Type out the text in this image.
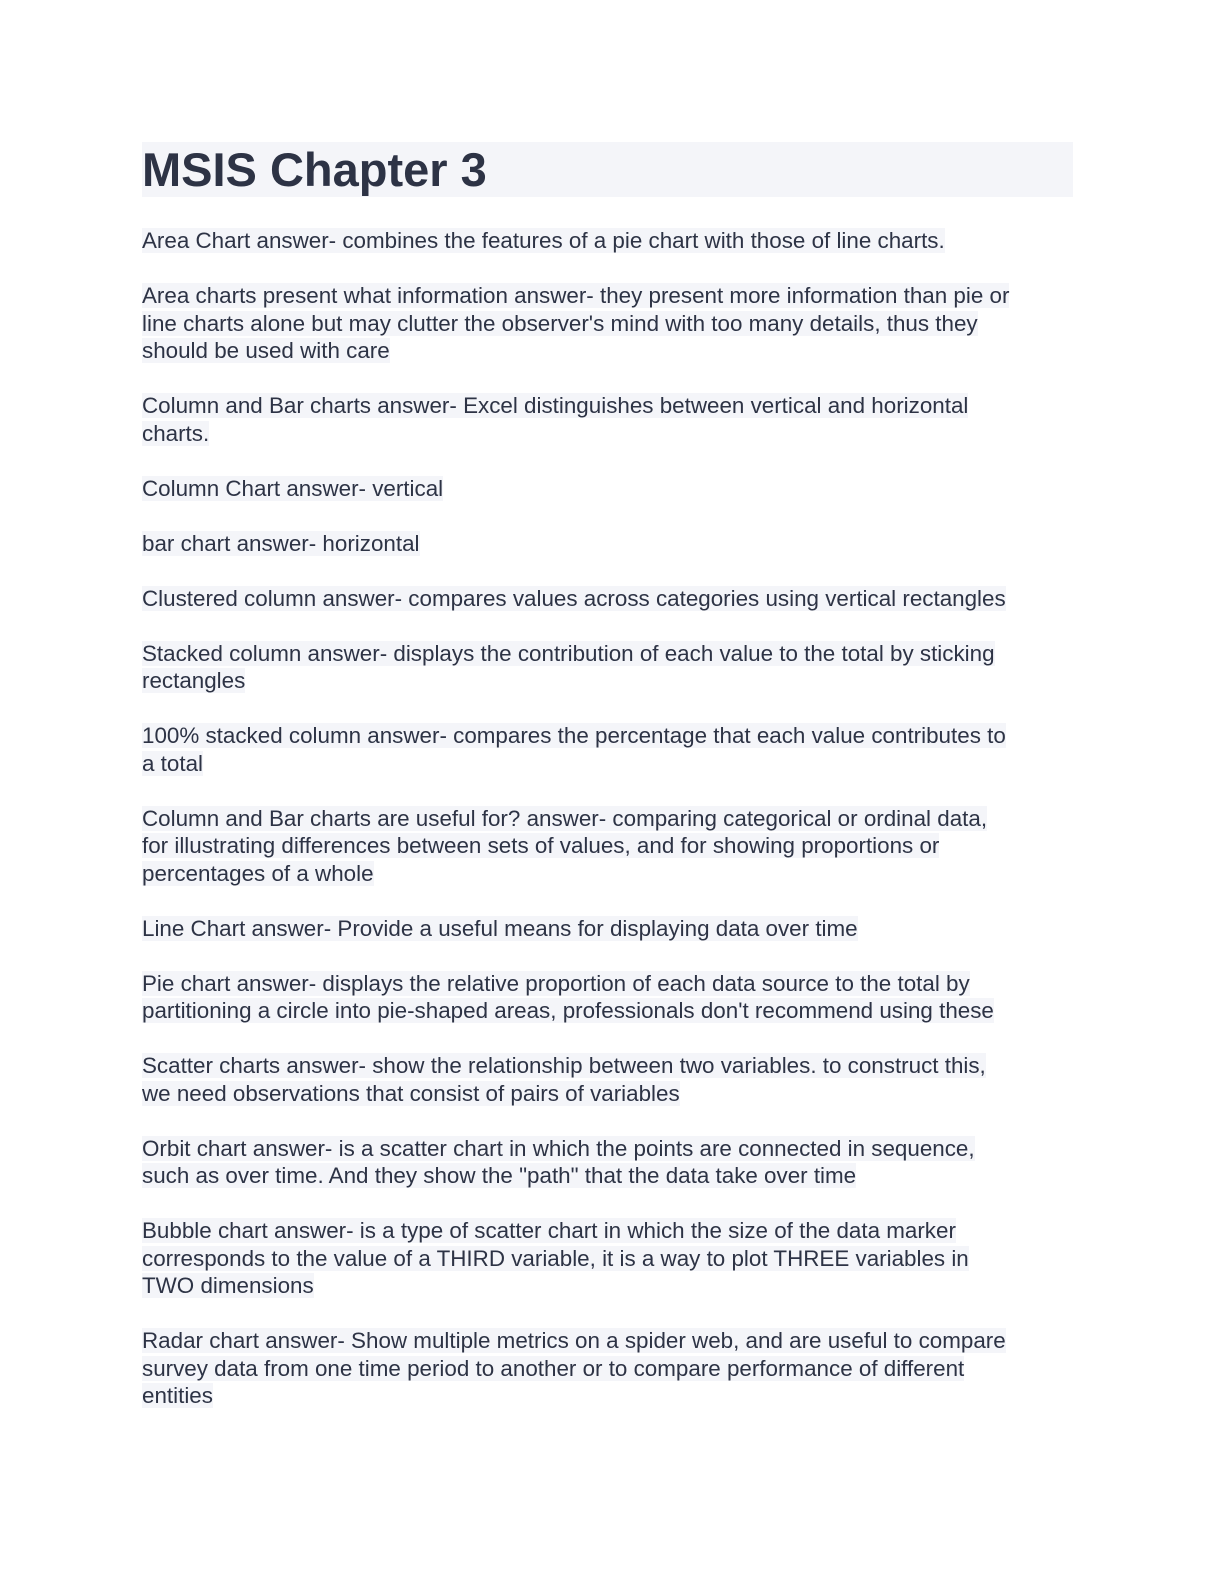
MSIS Chapter 3

Area Chart answer- combines the features of a pie chart with those of line charts.

Area charts present what information answer- they present more information than pie or
line charts alone but may clutter the observer's mind with too many details, thus they
should be used with care

Column and Bar charts answer- Excel distinguishes between vertical and horizontal
charts.

Column Chart answer- vertical

bar chart answer- horizontal

Clustered column answer- compares values across categories using vertical rectangles

Stacked column answer- displays the contribution of each value to the total by sticking
rectangles

100% stacked column answer- compares the percentage that each value contributes to
a total

Column and Bar charts are useful for? answer- comparing categorical or ordinal data,
for illustrating differences between sets of values, and for showing proportions or
percentages of a whole

Line Chart answer- Provide a useful means for displaying data over time

Pie chart answer- displays the relative proportion of each data source to the total by
partitioning a circle into pie-shaped areas, professionals don't recommend using these

Scatter charts answer- show the relationship between two variables. to construct this,
we need observations that consist of pairs of variables

Orbit chart answer- is a scatter chart in which the points are connected in sequence,
such as over time. And they show the "path" that the data take over time

Bubble chart answer- is a type of scatter chart in which the size of the data marker
corresponds to the value of a THIRD variable, it is a way to plot THREE variables in
TWO dimensions

Radar chart answer- Show multiple metrics on a spider web, and are useful to compare
survey data from one time period to another or to compare performance of different
entities
